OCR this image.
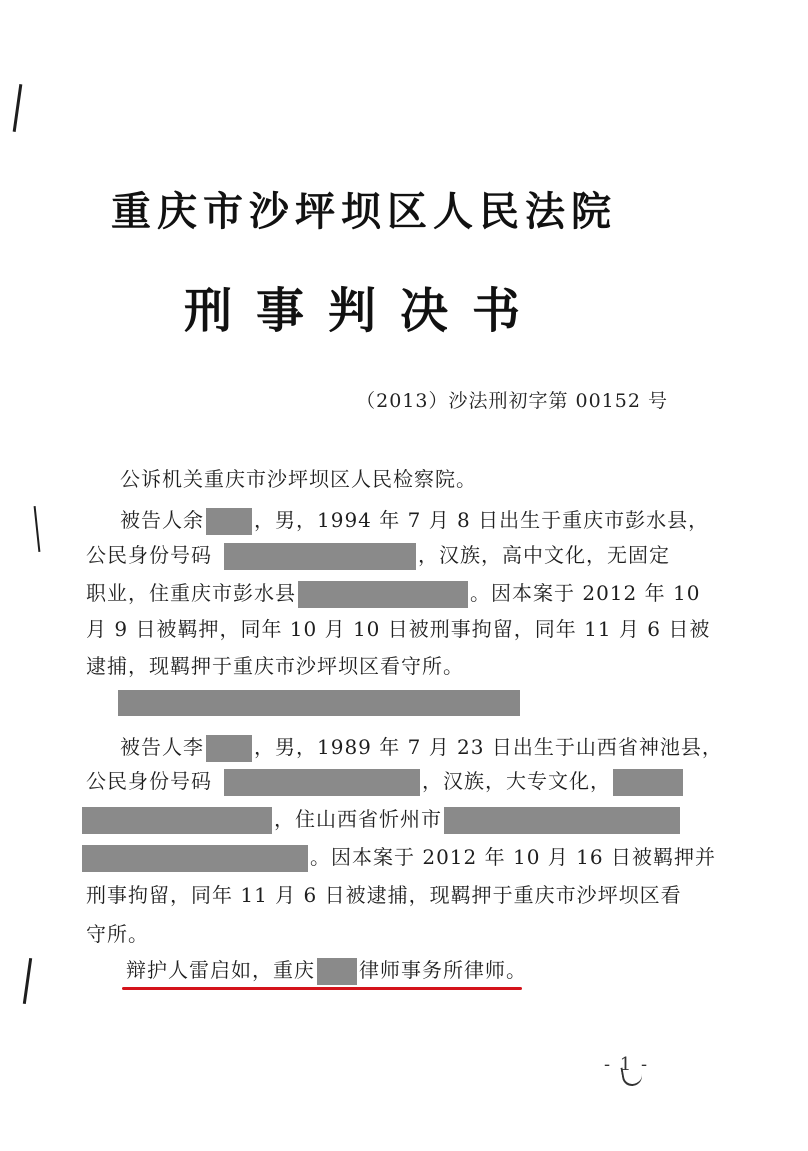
重庆市沙坪坝区人民法院
刑事判决书
（2013）沙法刑初字第 00152 号
公诉机关重庆市沙坪坝区人民检察院。
被告人余	，男，1994 年 7 月 8 日出生于重庆市彭水县，
公民身份号码	，汉族，高中文化，无固定
职业，住重庆市彭水县	。因本案于 2012 年 10
月 9 日被羁押，同年 10 月 10 日被刑事拘留，同年 11 月 6 日被
逮捕，现羁押于重庆市沙坪坝区看守所。
被告人李	，男，1989 年 7 月 23 日出生于山西省神池县，
公民身份号码	，汉族，大专文化，
，住山西省忻州市
。因本案于 2012 年 10 月 16 日被羁押并
刑事拘留，同年 11 月 6 日被逮捕，现羁押于重庆市沙坪坝区看
守所。
辩护人雷启如，重庆 律师事务所律师。
- 1 -
